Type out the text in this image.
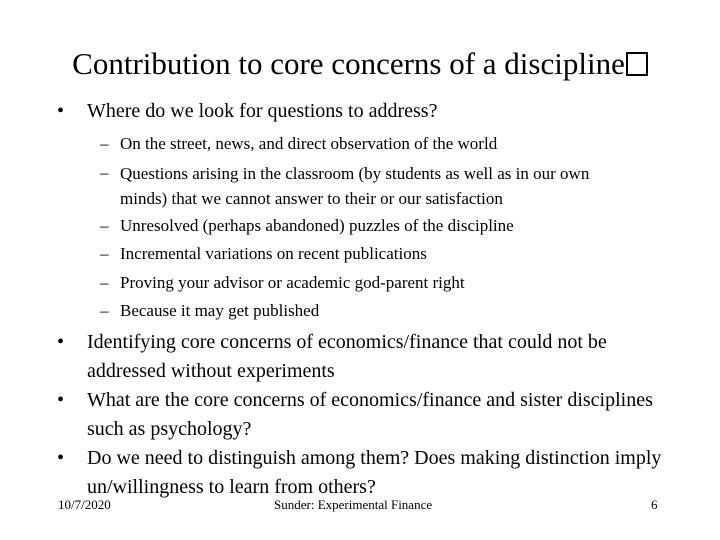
Contribution to core concerns of a discipline
• Where do we look for questions to address?
– On the street, news, and direct observation of the world
– Questions arising in the classroom (by students as well as in our own minds) that we cannot answer to their or our satisfaction
– Unresolved (perhaps abandoned) puzzles of the discipline
– Incremental variations on recent publications
– Proving your advisor or academic god-parent right
– Because it may get published
• Identifying core concerns of economics/finance that could not be addressed without experiments
• What are the core concerns of economics/finance and sister disciplines such as psychology?
• Do we need to distinguish among them? Does making distinction imply un/willingness to learn from others?
10/7/2020	Sunder: Experimental Finance	6
